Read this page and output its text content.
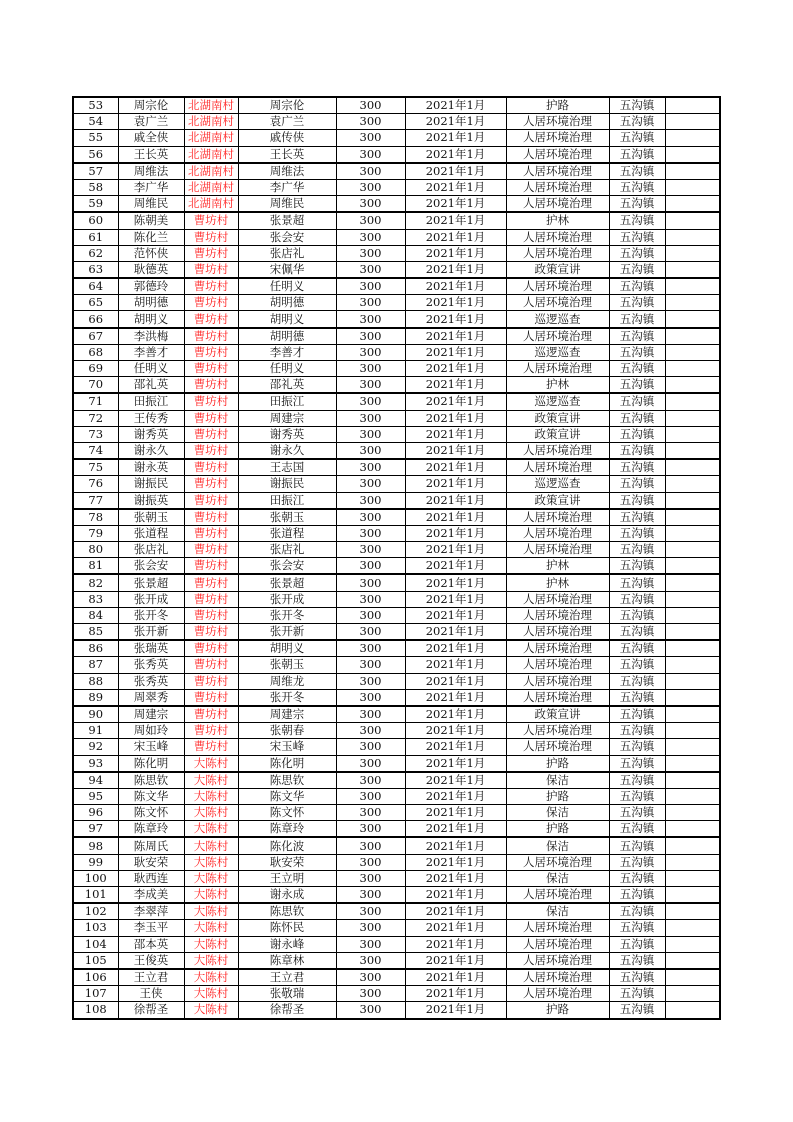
53	周宗伦	北湖南村	周宗伦	300	2021年1月	护路	五沟镇	
54	袁广兰	北湖南村	袁广兰	300	2021年1月	人居环境治理	五沟镇	
55	戚全侠	北湖南村	戚传侠	300	2021年1月	人居环境治理	五沟镇	
56	王长英	北湖南村	王长英	300	2021年1月	人居环境治理	五沟镇	
57	周维法	北湖南村	周维法	300	2021年1月	人居环境治理	五沟镇	
58	李广华	北湖南村	李广华	300	2021年1月	人居环境治理	五沟镇	
59	周维民	北湖南村	周维民	300	2021年1月	人居环境治理	五沟镇	
60	陈朝美	曹坊村	张景超	300	2021年1月	护林	五沟镇	
61	陈化兰	曹坊村	张会安	300	2021年1月	人居环境治理	五沟镇	
62	范怀侠	曹坊村	张店礼	300	2021年1月	人居环境治理	五沟镇	
63	耿德英	曹坊村	宋佩华	300	2021年1月	政策宣讲	五沟镇	
64	郭德玲	曹坊村	任明义	300	2021年1月	人居环境治理	五沟镇	
65	胡明德	曹坊村	胡明德	300	2021年1月	人居环境治理	五沟镇	
66	胡明义	曹坊村	胡明义	300	2021年1月	巡逻巡查	五沟镇	
67	李洪梅	曹坊村	胡明德	300	2021年1月	人居环境治理	五沟镇	
68	李善才	曹坊村	李善才	300	2021年1月	巡逻巡查	五沟镇	
69	任明义	曹坊村	任明义	300	2021年1月	人居环境治理	五沟镇	
70	邵礼英	曹坊村	邵礼英	300	2021年1月	护林	五沟镇	
71	田振江	曹坊村	田振江	300	2021年1月	巡逻巡查	五沟镇	
72	王传秀	曹坊村	周建宗	300	2021年1月	政策宣讲	五沟镇	
73	谢秀英	曹坊村	谢秀英	300	2021年1月	政策宣讲	五沟镇	
74	谢永久	曹坊村	谢永久	300	2021年1月	人居环境治理	五沟镇	
75	谢永英	曹坊村	王志国	300	2021年1月	人居环境治理	五沟镇	
76	谢振民	曹坊村	谢振民	300	2021年1月	巡逻巡查	五沟镇	
77	谢振英	曹坊村	田振江	300	2021年1月	政策宣讲	五沟镇	
78	张朝玉	曹坊村	张朝玉	300	2021年1月	人居环境治理	五沟镇	
79	张道程	曹坊村	张道程	300	2021年1月	人居环境治理	五沟镇	
80	张店礼	曹坊村	张店礼	300	2021年1月	人居环境治理	五沟镇	
81	张会安	曹坊村	张会安	300	2021年1月	护林	五沟镇	
82	张景超	曹坊村	张景超	300	2021年1月	护林	五沟镇	
83	张开成	曹坊村	张开成	300	2021年1月	人居环境治理	五沟镇	
84	张开冬	曹坊村	张开冬	300	2021年1月	人居环境治理	五沟镇	
85	张开新	曹坊村	张开新	300	2021年1月	人居环境治理	五沟镇	
86	张瑞英	曹坊村	胡明义	300	2021年1月	人居环境治理	五沟镇	
87	张秀英	曹坊村	张朝玉	300	2021年1月	人居环境治理	五沟镇	
88	张秀英	曹坊村	周维龙	300	2021年1月	人居环境治理	五沟镇	
89	周翠秀	曹坊村	张开冬	300	2021年1月	人居环境治理	五沟镇	
90	周建宗	曹坊村	周建宗	300	2021年1月	政策宣讲	五沟镇	
91	周如玲	曹坊村	张朝春	300	2021年1月	人居环境治理	五沟镇	
92	宋玉峰	曹坊村	宋玉峰	300	2021年1月	人居环境治理	五沟镇	
93	陈化明	大陈村	陈化明	300	2021年1月	护路	五沟镇	
94	陈思钦	大陈村	陈思钦	300	2021年1月	保洁	五沟镇	
95	陈文华	大陈村	陈文华	300	2021年1月	护路	五沟镇	
96	陈文怀	大陈村	陈文怀	300	2021年1月	保洁	五沟镇	
97	陈章玲	大陈村	陈章玲	300	2021年1月	护路	五沟镇	
98	陈周氏	大陈村	陈化波	300	2021年1月	保洁	五沟镇	
99	耿安荣	大陈村	耿安荣	300	2021年1月	人居环境治理	五沟镇	
100	耿西连	大陈村	王立明	300	2021年1月	保洁	五沟镇	
101	李成美	大陈村	谢永成	300	2021年1月	人居环境治理	五沟镇	
102	李翠萍	大陈村	陈思钦	300	2021年1月	保洁	五沟镇	
103	李玉平	大陈村	陈怀民	300	2021年1月	人居环境治理	五沟镇	
104	邵本英	大陈村	谢永峰	300	2021年1月	人居环境治理	五沟镇	
105	王俊英	大陈村	陈章林	300	2021年1月	人居环境治理	五沟镇	
106	王立君	大陈村	王立君	300	2021年1月	人居环境治理	五沟镇	
107	王侠	大陈村	张敬瑞	300	2021年1月	人居环境治理	五沟镇	
108	徐帮圣	大陈村	徐帮圣	300	2021年1月	护路	五沟镇	
